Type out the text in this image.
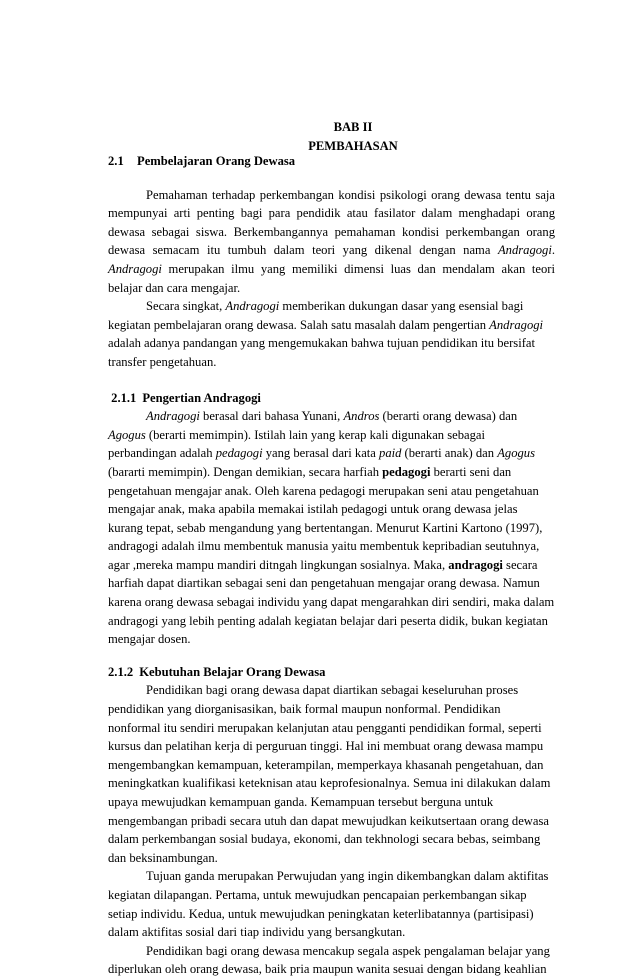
BAB II
PEMBAHASAN
2.1 Pembelajaran Orang Dewasa

Pemahaman terhadap perkembangan kondisi psikologi orang dewasa tentu saja mempunyai arti penting bagi para pendidik atau fasilator dalam menghadapi orang dewasa sebagai siswa. Berkembangannya pemahaman kondisi perkembangan orang dewasa semacam itu tumbuh dalam teori yang dikenal dengan nama Andragogi. Andragogi merupakan ilmu yang memiliki dimensi luas dan mendalam akan teori belajar dan cara mengajar.

Secara singkat, Andragogi memberikan dukungan dasar yang esensial bagi kegiatan pembelajaran orang dewasa. Salah satu masalah dalam pengertian Andragogi adalah adanya pandangan yang mengemukakan bahwa tujuan pendidikan itu bersifat transfer pengetahuan.

2.1.1 Pengertian Andragogi

Andragogi berasal dari bahasa Yunani, Andros (berarti orang dewasa) dan Agogus (berarti memimpin). Istilah lain yang kerap kali digunakan sebagai perbandingan adalah pedagogi yang berasal dari kata paid (berarti anak) dan Agogus (bararti memimpin). Dengan demikian, secara harfiah pedagogi berarti seni dan pengetahuan mengajar anak. Oleh karena pedagogi merupakan seni atau pengetahuan mengajar anak, maka apabila memakai istilah pedagogi untuk orang dewasa jelas kurang tepat, sebab mengandung yang bertentangan. Menurut Kartini Kartono (1997), andragogi adalah ilmu membentuk manusia yaitu membentuk kepribadian seutuhnya, agar ,mereka mampu mandiri ditngah lingkungan sosialnya. Maka, andragogi secara harfiah dapat diartikan sebagai seni dan pengetahuan mengajar orang dewasa. Namun karena orang dewasa sebagai individu yang dapat mengarahkan diri sendiri, maka dalam andragogi yang lebih penting adalah kegiatan belajar dari peserta didik, bukan kegiatan mengajar dosen.

2.1.2 Kebutuhan Belajar Orang Dewasa

Pendidikan bagi orang dewasa dapat diartikan sebagai keseluruhan proses pendidikan yang diorganisasikan, baik formal maupun nonformal. Pendidikan nonformal itu sendiri merupakan kelanjutan atau pengganti pendidikan formal, seperti kursus dan pelatihan kerja di perguruan tinggi. Hal ini membuat orang dewasa mampu mengembangkan kemampuan, keterampilan, memperkaya khasanah pengetahuan, dan meningkatkan kualifikasi keteknisan atau keprofesionalnya. Semua ini dilakukan dalam upaya mewujudkan kemampuan ganda. Kemampuan tersebut berguna untuk mengembangan pribadi secara utuh dan dapat mewujudkan keikutsertaan orang dewasa dalam perkembangan sosial budaya, ekonomi, dan tekhnologi secara bebas, seimbang dan beksinambungan.

Tujuan ganda merupakan Perwujudan yang ingin dikembangkan dalam aktifitas kegiatan dilapangan. Pertama, untuk mewujudkan pencapaian perkembangan sikap setiap individu. Kedua, untuk mewujudkan peningkatan keterlibatannya (partisipasi) dalam aktifitas sosial dari tiap individu yang bersangkutan.

Pendidikan bagi orang dewasa mencakup segala aspek pengalaman belajar yang diperlukan oleh orang dewasa, baik pria maupun wanita sesuai dengan bidang keahlian
